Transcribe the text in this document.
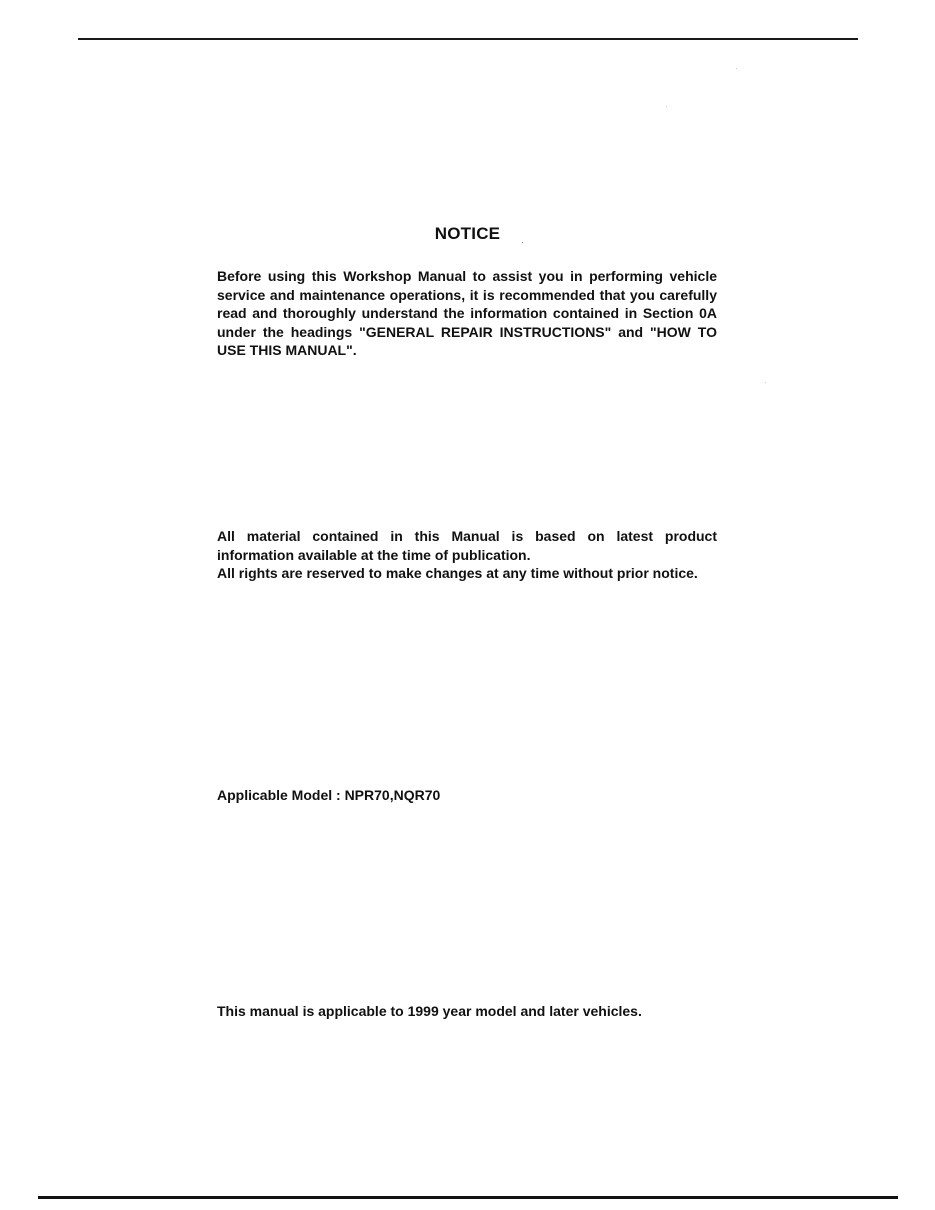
NOTICE

Before using this Workshop Manual to assist you in performing vehicle service and maintenance operations, it is recommended that you carefully read and thoroughly understand the information contained in Section 0A under the headings "GENERAL REPAIR INSTRUCTIONS" and "HOW TO USE THIS MANUAL".

All material contained in this Manual is based on latest product information available at the time of publication.
All rights are reserved to make changes at any time without prior notice.

Applicable Model : NPR70,NQR70
This manual is applicable to 1999 year model and later vehicles.
